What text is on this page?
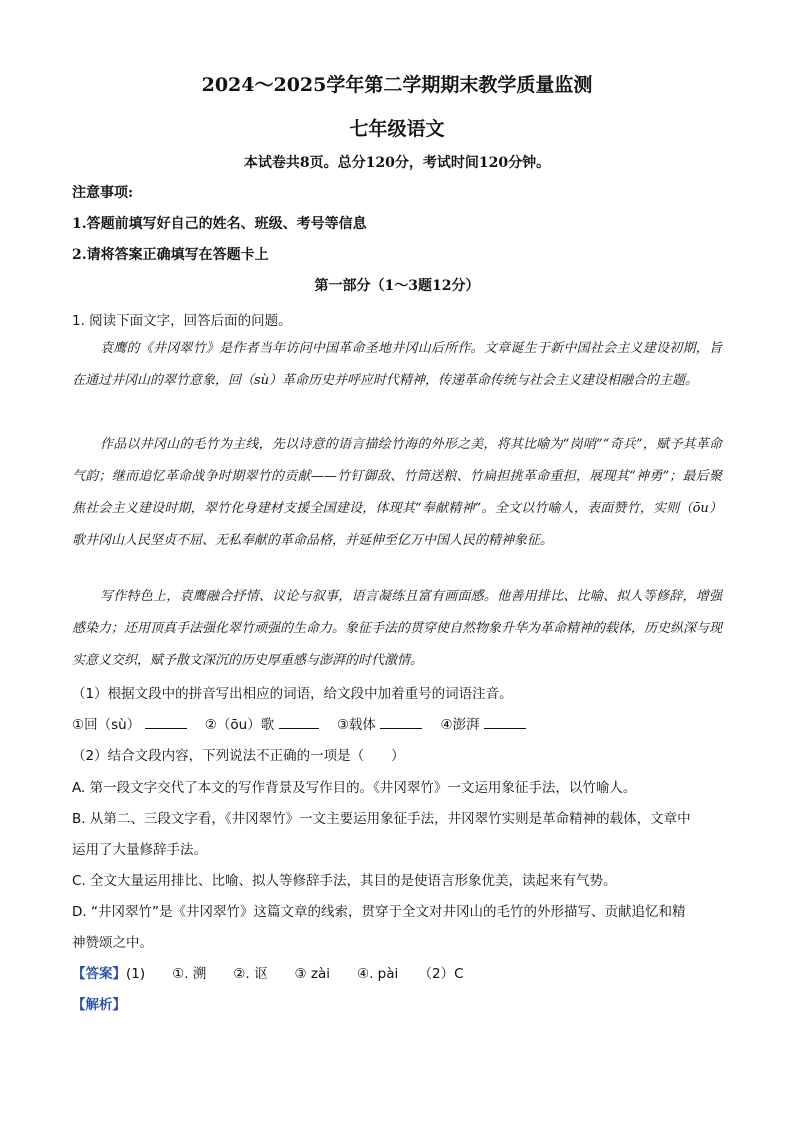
2024～2025学年第二学期期末教学质量监测
七年级语文
本试卷共8页。总分120分，考试时间120分钟。
注意事项:
1.答题前填写好自己的姓名、班级、考号等信息
2.请将答案正确填写在答题卡上
第一部分（1～3题12分）
1. 阅读下面文字，回答后面的问题。
袁鹰的《井冈翠竹》是作者当年访问中国革命圣地井冈山后所作。文章诞生于新中国社会主义建设初期，旨在通过井冈山的翠竹意象，回（sù）革命历史并呼应时代精神，传递革命传统与社会主义建设相融合的主题。
作品以井冈山的毛竹为主线，先以诗意的语言描绘竹海的外形之美，将其比喻为“岗哨”“奇兵”，赋予其革命气韵；继而追忆革命战争时期翠竹的贡献——竹钉御敌、竹筒送粮、竹扁担挑革命重担，展现其“神勇”；最后聚焦社会主义建设时期，翠竹化身建材支援全国建设，体现其“奉献精神”。全文以竹喻人，表面赞竹，实则（ōu）歌井冈山人民坚贞不屈、无私奉献的革命品格，并延伸至亿万中国人民的精神象征。
写作特色上，袁鹰融合抒情、议论与叙事，语言凝练且富有画面感。他善用排比、比喻、拟人等修辞，增强感染力；还用顶真手法强化翠竹顽强的生命力。象征手法的贯穿使自然物象升华为革命精神的载体，历史纵深与现实意义交织，赋予散文深沉的历史厚重感与澎湃的时代激情。
（1）根据文段中的拼音写出相应的词语，给文段中加着重号的词语注音。
①回（sù）	②（ōu）歌	③载体	④澎湃
（2）结合文段内容，下列说法不正确的一项是（　　）
A. 第一段文字交代了本文的写作背景及写作目的。《井冈翠竹》一文运用象征手法，以竹喻人。
B. 从第二、三段文字看，《井冈翠竹》一文主要运用象征手法，井冈翠竹实则是革命精神的载体，文章中
运用了大量修辞手法。
C. 全文大量运用排比、比喻、拟人等修辞手法，其目的是使语言形象优美，读起来有气势。
D. “井冈翠竹”是《井冈翠竹》这篇文章的线索，贯穿于全文对井冈山的毛竹的外形描写、贡献追忆和精
神赞颂之中。
【答案】(1)　　①. 溯　　②. 讴　　③ zài　　④. pài　　（2）C
【解析】
